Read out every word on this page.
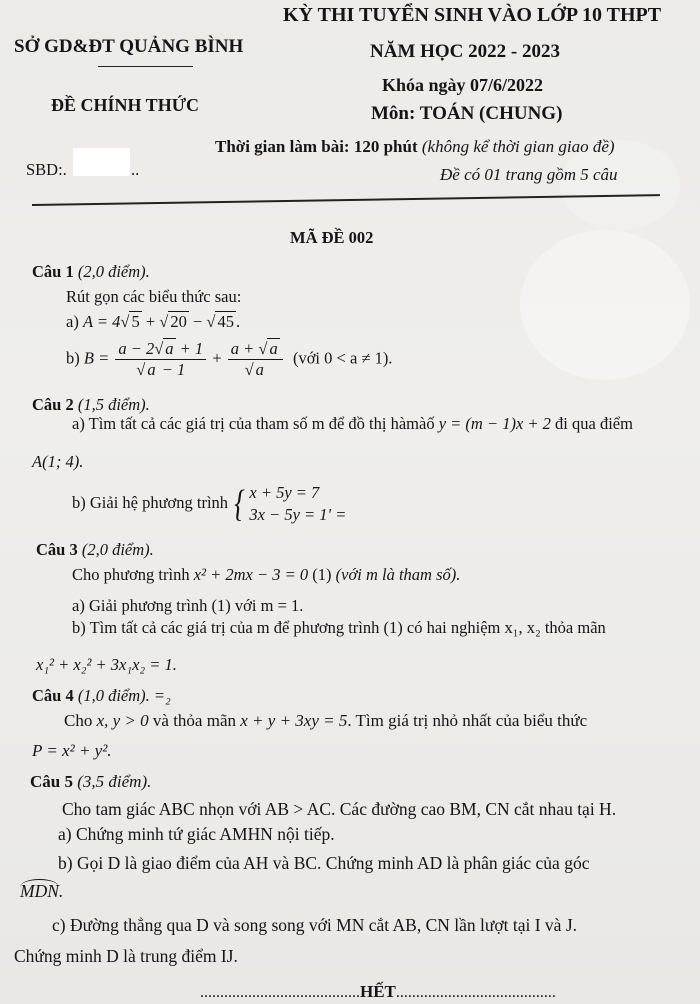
SỞ GD&ĐT QUẢNG BÌNH
ĐỀ CHÍNH THỨC
SBD:.	..
KỲ THI TUYỂN SINH VÀO LỚP 10 THPT
NĂM HỌC 2022 - 2023
Khóa ngày 07/6/2022
Môn: TOÁN (CHUNG)
Thời gian làm bài: 120 phút (không kể thời gian giao đề)
Đề có 01 trang gồm 5 câu
MÃ ĐỀ 002
Câu 1 (2,0 điểm).
Rút gọn các biểu thức sau:
a) A = 4√ 5 + √ 20 − √ 45 .
b) $B = \frac{a - 2√ a + 1}{√ a - 1} + \frac{a + √ a}{√ a}$ (với 0 < a ≠ 1).
Câu 2 (1,5 điểm).
a) Tìm tất cả các giá trị của tham số m để đồ thị hàmàố y = (m − 1)x + 2 đi qua điểm
A(1; 4).
b) Giải hệ phương trình { x + 5y = 7
3x − 5y = 1' =
Câu 3 (2,0 điểm).
Cho phương trình x² + 2mx − 3 = 0 (1) (với m là tham số).
a) Giải phương trình (1) với m = 1.
b) Tìm tất cả các giá trị của m để phương trình (1) có hai nghiệm x₁, x₂ thỏa mãn
x₁² + x₂² + 3x₁x₂ = 1.
Câu 4 (1,0 điểm). =₂
Cho x, y > 0 và thỏa mãn x + y + 3xy = 5. Tìm giá trị nhỏ nhất của biểu thức
P = x² + y².
Câu 5 (3,5 điểm).
Cho tam giác ABC nhọn với AB > AC. Các đường cao BM, CN cắt nhau tại H.
a) Chứng minh tứ giác AMHN nội tiếp.
b) Gọi D là giao điểm của AH và BC. Chứng minh AD là phân giác của góc
MDN.
c) Đường thẳng qua D và song song với MN cắt AB, CN lần lượt tại I và J.
Chứng minh D là trung điểm IJ.
........................................HẾT........................................
